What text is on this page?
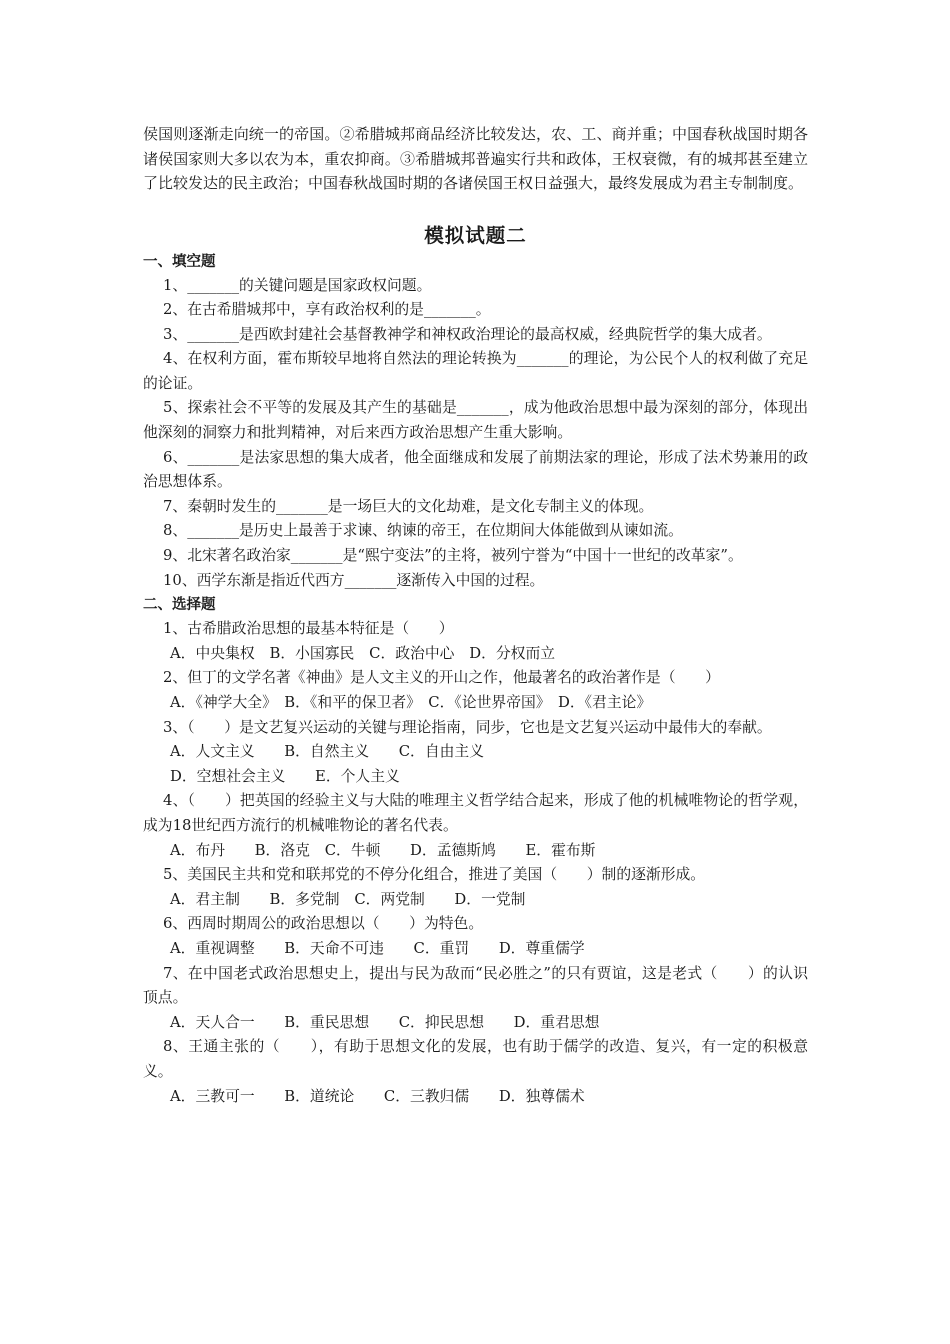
侯国则逐渐走向统一的帝国。②希腊城邦商品经济比较发达，农、工、商并重；中国春秋战国时期各诸侯国家则大多以农为本，重农抑商。③希腊城邦普遍实行共和政体，王权衰微，有的城邦甚至建立了比较发达的民主政治；中国春秋战国时期的各诸侯国王权日益强大，最终发展成为君主专制制度。

模拟试题二
一、填空题

1、_______的关键问题是国家政权问题。

2、在古希腊城邦中，享有政治权利的是_______。

3、_______是西欧封建社会基督教神学和神权政治理论的最高权威，经典院哲学的集大成者。

4、在权利方面，霍布斯较早地将自然法的理论转换为_______的理论，为公民个人的权利做了充足的论证。

5、探索社会不平等的发展及其产生的基础是_______，成为他政治思想中最为深刻的部分，体现出他深刻的洞察力和批判精神，对后来西方政治思想产生重大影响。

6、_______是法家思想的集大成者，他全面继成和发展了前期法家的理论，形成了法术势兼用的政治思想体系。

7、秦朝时发生的_______是一场巨大的文化劫难，是文化专制主义的体现。

8、_______是历史上最善于求谏、纳谏的帝王，在位期间大体能做到从谏如流。

9、北宋著名政治家_______是“熙宁变法”的主将，被列宁誉为“中国十一世纪的改革家”。

10、西学东渐是指近代西方_______逐渐传入中国的过程。

二、选择题

1、古希腊政治思想的最基本特征是（　　）

A．中央集权　B．小国寡民　C．政治中心　D．分权而立

2、但丁的文学名著《神曲》是人文主义的开山之作，他最著名的政治著作是（　　）

A．《神学大全》　B．《和平的保卫者》　C．《论世界帝国》　D．《君主论》

3、（　　）是文艺复兴运动的关键与理论指南，同步，它也是文艺复兴运动中最伟大的奉献。

A．人文主义　　B．自然主义　　C．自由主义

D．空想社会主义　　E．个人主义

4、（　　）把英国的经验主义与大陆的唯理主义哲学结合起来，形成了他的机械唯物论的哲学观，成为18世纪西方流行的机械唯物论的著名代表。

A．布丹　　B．洛克　C．牛顿　　D．孟德斯鸠　　E．霍布斯

5、美国民主共和党和联邦党的不停分化组合，推进了美国（　　）制的逐渐形成。

A．君主制　　B．多党制　C．两党制　　D．一党制

6、西周时期周公的政治思想以（　　）为特色。

A．重视调整　　B．天命不可违　　C．重罚　　D．尊重儒学

7、在中国老式政治思想史上，提出与民为敌而“民必胜之”的只有贾谊，这是老式（　　）的认识顶点。

A．天人合一　　B．重民思想　　C．抑民思想　　D．重君思想

8、王通主张的（　　），有助于思想文化的发展，也有助于儒学的改造、复兴，有一定的积极意义。

A．三教可一　　B．道统论　　C．三教归儒　　D．独尊儒术
